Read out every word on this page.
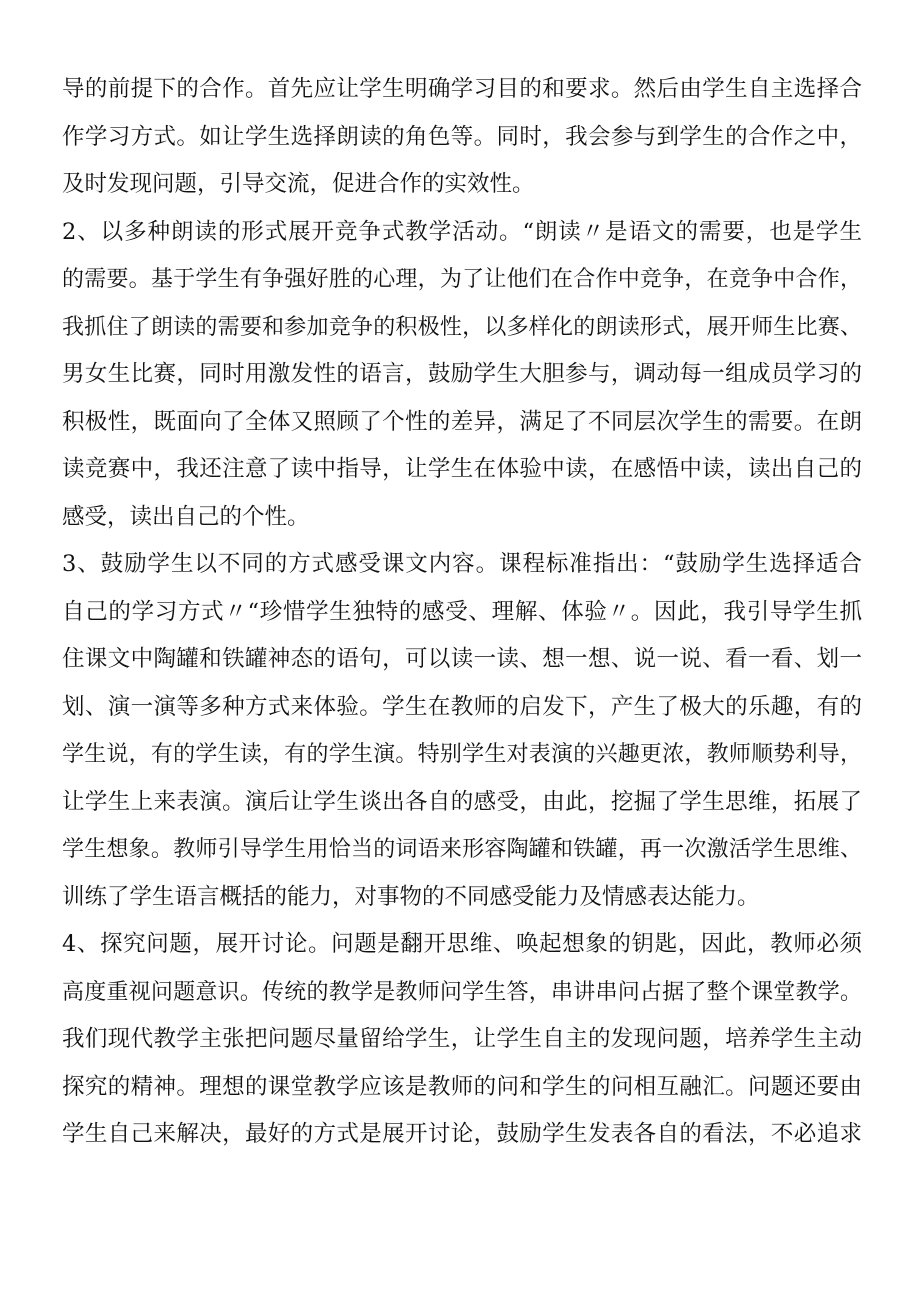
导的前提下的合作。首先应让学生明确学习目的和要求。然后由学生自主选择合
作学习方式。如让学生选择朗读的角色等。同时，我会参与到学生的合作之中，
及时发现问题，引导交流，促进合作的实效性。
2、以多种朗读的形式展开竞争式教学活动。“朗读〃是语文的需要，也是学生
的需要。基于学生有争强好胜的心理，为了让他们在合作中竞争，在竞争中合作，
我抓住了朗读的需要和参加竞争的积极性，以多样化的朗读形式，展开师生比赛、
男女生比赛，同时用激发性的语言，鼓励学生大胆参与，调动每一组成员学习的
积极性，既面向了全体又照顾了个性的差异，满足了不同层次学生的需要。在朗
读竞赛中，我还注意了读中指导，让学生在体验中读，在感悟中读，读出自己的
感受，读出自己的个性。
3、鼓励学生以不同的方式感受课文内容。课程标准指出：“鼓励学生选择适合
自己的学习方式〃“珍惜学生独特的感受、理解、体验〃。因此，我引导学生抓
住课文中陶罐和铁罐神态的语句，可以读一读、想一想、说一说、看一看、划一
划、演一演等多种方式来体验。学生在教师的启发下，产生了极大的乐趣，有的
学生说，有的学生读，有的学生演。特别学生对表演的兴趣更浓，教师顺势利导，
让学生上来表演。演后让学生谈出各自的感受，由此，挖掘了学生思维，拓展了
学生想象。教师引导学生用恰当的词语来形容陶罐和铁罐，再一次激活学生思维、
训练了学生语言概括的能力，对事物的不同感受能力及情感表达能力。
4、探究问题，展开讨论。问题是翻开思维、唤起想象的钥匙，因此，教师必须
高度重视问题意识。传统的教学是教师问学生答，串讲串问占据了整个课堂教学。
我们现代教学主张把问题尽量留给学生，让学生自主的发现问题，培养学生主动
探究的精神。理想的课堂教学应该是教师的问和学生的问相互融汇。问题还要由
学生自己来解决，最好的方式是展开讨论，鼓励学生发表各自的看法，不必追求
